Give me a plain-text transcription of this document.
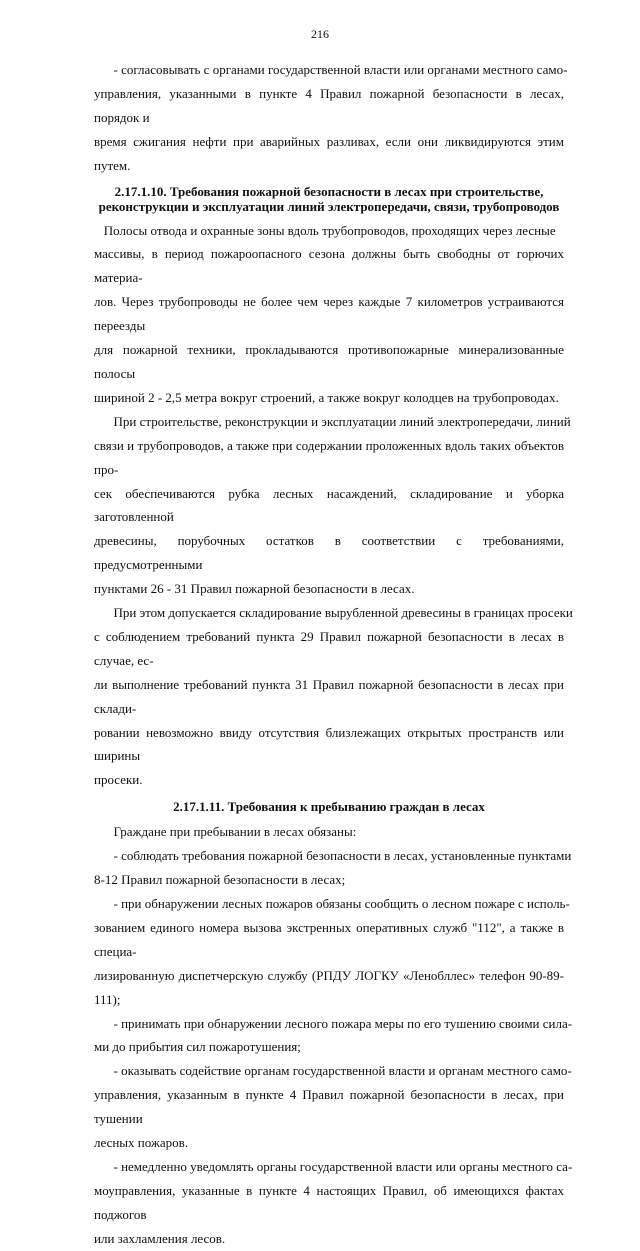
216
- согласовывать с органами государственной власти или органами местного само-
управления, указанными в пункте 4 Правил пожарной безопасности в лесах, порядок и
время сжигания нефти при аварийных разливах, если они ликвидируются этим путем.
2.17.1.10. Требования пожарной безопасности в лесах при строительстве,
реконструкции и эксплуатации линий электропередачи, связи, трубопроводов
Полосы отвода и охранные зоны вдоль трубопроводов, проходящих через лесные
массивы, в период пожароопасного сезона должны быть свободны от горючих материа-
лов. Через трубопроводы не более чем через каждые 7 километров устраиваются переезды
для пожарной техники, прокладываются противопожарные минерализованные полосы
шириной 2 - 2,5 метра вокруг строений, а также вокруг колодцев на трубопроводах.
При строительстве, реконструкции и эксплуатации линий электропередачи, линий
связи и трубопроводов, а также при содержании проложенных вдоль таких объектов про-
сек обеспечиваются рубка лесных насаждений, складирование и уборка заготовленной
древесины, порубочных остатков в соответствии с требованиями, предусмотренными
пунктами 26 - 31 Правил пожарной безопасности в лесах.
При этом допускается складирование вырубленной древесины в границах просеки
с соблюдением требований пункта 29 Правил пожарной безопасности в лесах в случае, ес-
ли выполнение требований пункта 31 Правил пожарной безопасности в лесах при склади-
ровании невозможно ввиду отсутствия близлежащих открытых пространств или ширины
просеки.
2.17.1.11. Требования к пребыванию граждан в лесах
Граждане при пребывании в лесах обязаны:
- соблюдать требования пожарной безопасности в лесах, установленные пунктами
8-12 Правил пожарной безопасности в лесах;
- при обнаружении лесных пожаров обязаны сообщить о лесном пожаре с исполь-
зованием единого номера вызова экстренных оперативных служб "112", а также в специа-
лизированную диспетчерскую службу (РПДУ ЛОГКУ «Ленобллес» телефон 90-89-111);
- принимать при обнаружении лесного пожара меры по его тушению своими сила-
ми до прибытия сил пожаротушения;
- оказывать содействие органам государственной власти и органам местного само-
управления, указанным в пункте 4 Правил пожарной безопасности в лесах, при тушении
лесных пожаров.
- немедленно уведомлять органы государственной власти или органы местного са-
моуправления, указанные в пункте 4 настоящих Правил, об имеющихся фактах поджогов
или захламления лесов.
